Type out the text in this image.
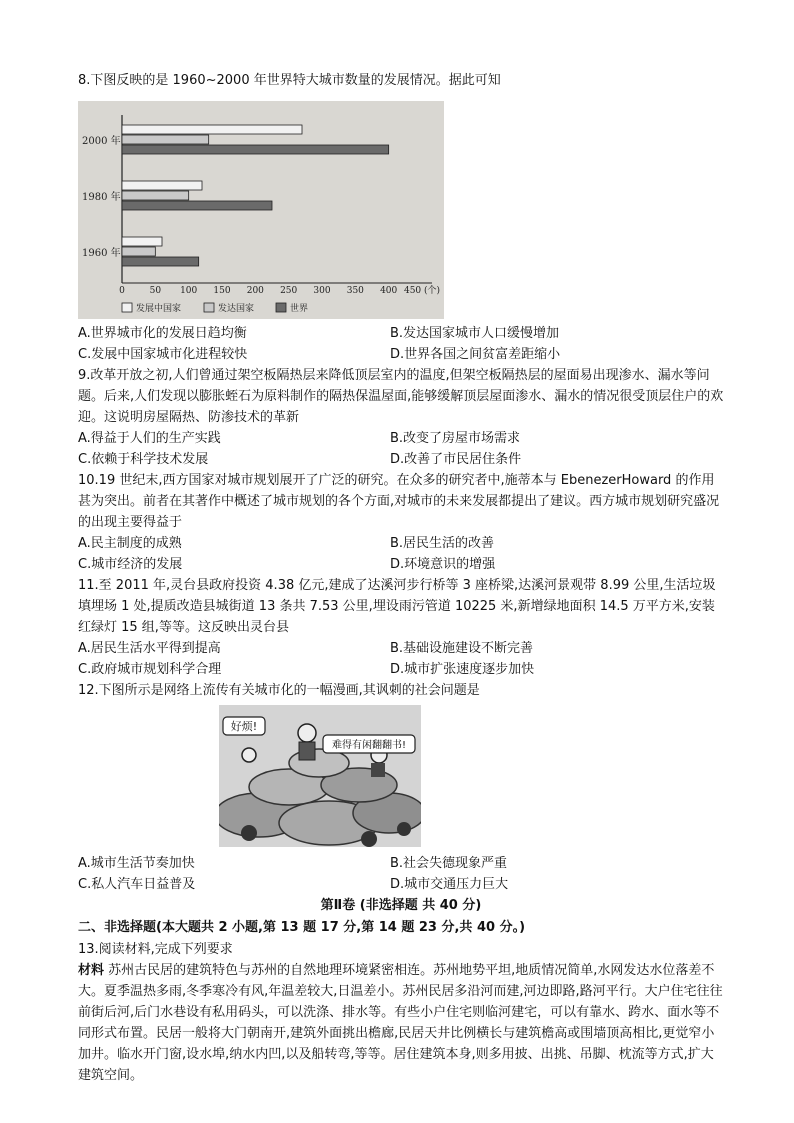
8.下图反映的是 1960~2000 年世界特大城市数量的发展情况。据此可知

2000 年
1980 年
1960 年
0	50 100 150 200 250 300 350 400 450 (个)
发展中国家	发达国家	世界
A.世界城市化的发展日趋均衡	B.发达国家城市人口缓慢增加
C.发展中国家城市化进程较快	D.世界各国之间贫富差距缩小

9.改革开放之初,人们曾通过架空板隔热层来降低顶层室内的温度,但架空板隔热层的屋面易出现渗水、漏水等问题。后来,人们发现以膨胀蛭石为原料制作的隔热保温屋面,能够缓解顶层屋面渗水、漏水的情况很受顶层住户的欢迎。这说明房屋隔热、防渗技术的革新

A.得益于人们的生产实践	B.改变了房屋市场需求
C.依赖于科学技术发展	D.改善了市民居住条件

10.19 世纪末,西方国家对城市规划展开了广泛的研究。在众多的研究者中,施蒂本与 EbenezerHoward 的作用甚为突出。前者在其著作中概述了城市规划的各个方面,对城市的未来发展都提出了建议。西方城市规划研究盛况的出现主要得益于

A.民主制度的成熟	B.居民生活的改善
C.城市经济的发展	D.环境意识的增强

11.至 2011 年,灵台县政府投资 4.38 亿元,建成了达溪河步行桥等 3 座桥梁,达溪河景观带 8.99 公里,生活垃圾填埋场 1 处,提质改造县城街道 13 条共 7.53 公里,埋设雨污管道 10225 米,新增绿地面积 14.5 万平方米,安装红绿灯 15 组,等等。这反映出灵台县

A.居民生活水平得到提高	B.基础设施建设不断完善
C.政府城市规划科学合理	D.城市扩张速度逐步加快

12.下图所示是网络上流传有关城市化的一幅漫画,其讽刺的社会问题是

好烦!
难得有闲翻翻书!
A.城市生活节奏加快	B.社会失德现象严重
C.私人汽车日益普及	D.城市交通压力巨大

第Ⅱ卷 (非选择题 共 40 分)

二、非选择题(本大题共 2 小题,第 13 题 17 分,第 14 题 23 分,共 40 分。)

13.阅读材料,完成下列要求

材料 苏州古民居的建筑特色与苏州的自然地理环境紧密相连。苏州地势平坦,地质情况简单,水网发达水位落差不大。夏季温热多雨,冬季寒冷有风,年温差较大,日温差小。苏州民居多沿河而建,河边即路,路河平行。大户住宅往往前街后河,后门水巷设有私用码头，可以洗涤、排水等。有些小户住宅则临河建宅，可以有靠水、跨水、面水等不同形式布置。民居一般将大门朝南开,建筑外面挑出檐廊,民居天井比例横长与建筑檐高或围墙顶高相比,更觉窄小加井。临水开门窗,设水埠,纳水内凹,以及船转弯,等等。居住建筑本身,则多用披、出挑、吊脚、枕流等方式,扩大建筑空间。
